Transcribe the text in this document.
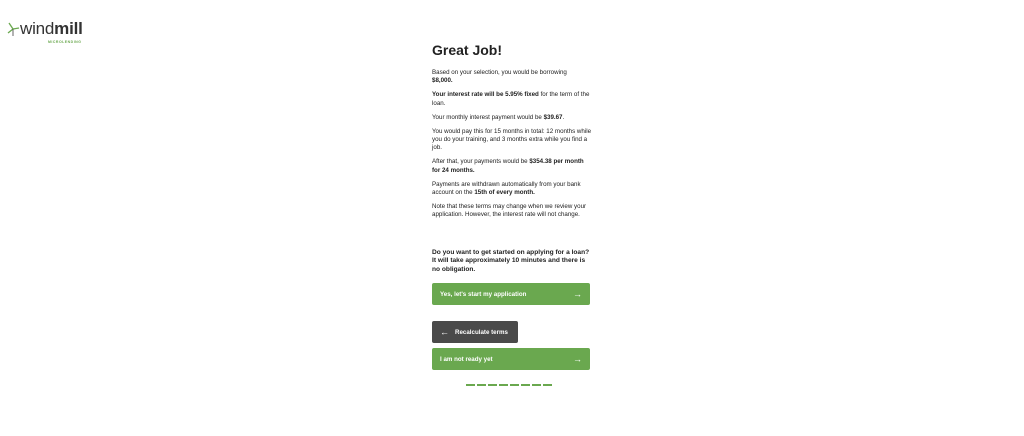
windmill
MICROLENDING	Great Job!

Based on your selection, you would be borrowing
$8,000.

Your interest rate will be 5.95% fixed for the term of the loan.

Your monthly interest payment would be $39.67.

You would pay this for 15 months in total: 12 months while you do your training, and 3 months extra while you find a job.

After that, your payments would be $354.38 per month for 24 months.

Payments are withdrawn automatically from your bank account on the 15th of every month.

Note that these terms may change when we review your application. However, the interest rate will not change.

Do you want to get started on applying for a loan? It will take approximately 10 minutes and there is no obligation.

Yes, let's start my application	→
← Recalculate terms
I am not ready yet	→
